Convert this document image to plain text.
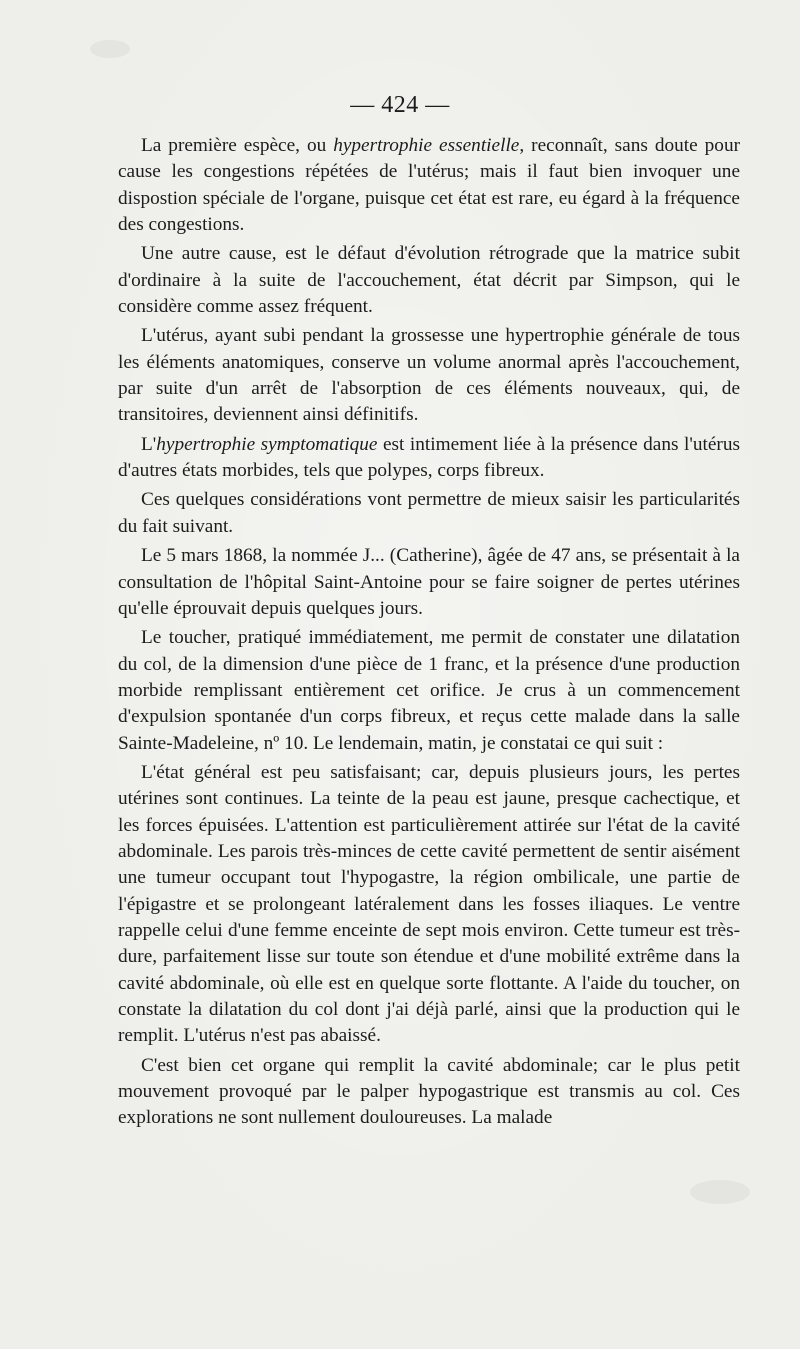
— 424 —

La première espèce, ou hypertrophie essentielle, reconnaît, sans doute pour cause les congestions répétées de l'utérus; mais il faut bien invoquer une dispostion spéciale de l'organe, puisque cet état est rare, eu égard à la fréquence des congestions.

Une autre cause, est le défaut d'évolution rétrograde que la matrice subit d'ordinaire à la suite de l'accouchement, état décrit par Simpson, qui le considère comme assez fréquent.

L'utérus, ayant subi pendant la grossesse une hypertrophie générale de tous les éléments anatomiques, conserve un volume anormal après l'accouchement, par suite d'un arrêt de l'absorption de ces éléments nouveaux, qui, de transitoires, deviennent ainsi définitifs.

L'hypertrophie symptomatique est intimement liée à la présence dans l'utérus d'autres états morbides, tels que polypes, corps fibreux.

Ces quelques considérations vont permettre de mieux saisir les particularités du fait suivant.

Le 5 mars 1868, la nommée J... (Catherine), âgée de 47 ans, se présentait à la consultation de l'hôpital Saint-Antoine pour se faire soigner de pertes utérines qu'elle éprouvait depuis quelques jours.

Le toucher, pratiqué immédiatement, me permit de constater une dilatation du col, de la dimension d'une pièce de 1 franc, et la présence d'une production morbide remplissant entièrement cet orifice. Je crus à un commencement d'expulsion spontanée d'un corps fibreux, et reçus cette malade dans la salle Sainte-Madeleine, nº 10. Le lendemain, matin, je constatai ce qui suit :

L'état général est peu satisfaisant; car, depuis plusieurs jours, les pertes utérines sont continues. La teinte de la peau est jaune, presque cachectique, et les forces épuisées. L'attention est particulièrement attirée sur l'état de la cavité abdominale. Les parois très-minces de cette cavité permettent de sentir aisément une tumeur occupant tout l'hypogastre, la région ombilicale, une partie de l'épigastre et se prolongeant latéralement dans les fosses iliaques. Le ventre rappelle celui d'une femme enceinte de sept mois environ. Cette tumeur est très-dure, parfaitement lisse sur toute son étendue et d'une mobilité extrême dans la cavité abdominale, où elle est en quelque sorte flottante. A l'aide du toucher, on constate la dilatation du col dont j'ai déjà parlé, ainsi que la production qui le remplit. L'utérus n'est pas abaissé.

C'est bien cet organe qui remplit la cavité abdominale; car le plus petit mouvement provoqué par le palper hypogastrique est transmis au col. Ces explorations ne sont nullement douloureuses. La malade
